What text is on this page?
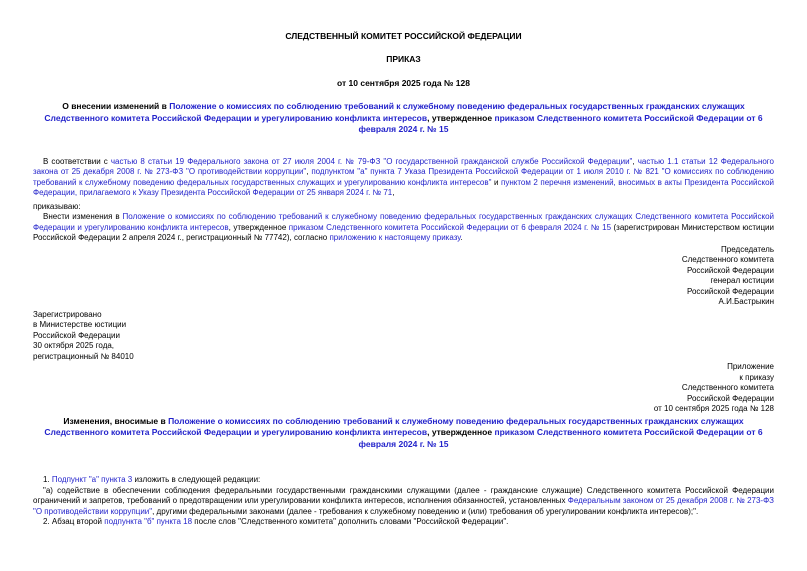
СЛЕДСТВЕННЫЙ КОМИТЕТ РОССИЙСКОЙ ФЕДЕРАЦИИ
ПРИКАЗ
от 10 сентября 2025 года № 128
О внесении изменений в Положение о комиссиях по соблюдению требований к служебному поведению федеральных государственных гражданских служащих Следственного комитета Российской Федерации и урегулированию конфликта интересов, утвержденное приказом Следственного комитета Российской Федерации от 6 февраля 2024 г. № 15

В соответствии с частью 8 статьи 19 Федерального закона от 27 июля 2004 г. № 79-ФЗ "О государственной гражданской службе Российской Федерации", частью 1.1 статьи 12 Федерального закона от 25 декабря 2008 г. № 273-ФЗ "О противодействии коррупции", подпунктом "а" пункта 7 Указа Президента Российской Федерации от 1 июля 2010 г. № 821 "О комиссиях по соблюдению требований к служебному поведению федеральных государственных служащих и урегулированию конфликта интересов" и пунктом 2 перечня изменений, вносимых в акты Президента Российской Федерации, прилагаемого к Указу Президента Российской Федерации от 25 января 2024 г. № 71,

приказываю:

Внести изменения в Положение о комиссиях по соблюдению требований к служебному поведению федеральных государственных гражданских служащих Следственного комитета Российской Федерации и урегулированию конфликта интересов, утвержденное приказом Следственного комитета Российской Федерации от 6 февраля 2024 г. № 15 (зарегистрирован Министерством юстиции Российской Федерации 2 апреля 2024 г., регистрационный № 77742), согласно приложению к настоящему приказу.

Председатель
Следственного комитета
Российской Федерации
генерал юстиции
Российской Федерации
А.И.Бастрыкин
Зарегистрировано
в Министерстве юстиции
Российской Федерации
30 октября 2025 года,
регистрационный № 84010
Приложение
к приказу
Следственного комитета
Российской Федерации
от 10 сентября 2025 года № 128
Изменения, вносимые в Положение о комиссиях по соблюдению требований к служебному поведению федеральных государственных гражданских служащих Следственного комитета Российской Федерации и урегулированию конфликта интересов, утвержденное приказом Следственного комитета Российской Федерации от 6 февраля 2024 г. № 15

1. Подпункт "а" пункта 3 изложить в следующей редакции:

"а) содействие в обеспечении соблюдения федеральными государственными гражданскими служащими (далее - гражданские служащие) Следственного комитета Российской Федерации ограничений и запретов, требований о предотвращении или урегулировании конфликта интересов, исполнения обязанностей, установленных Федеральным законом от 25 декабря 2008 г. № 273-ФЗ "О противодействии коррупции", другими федеральными законами (далее - требования к служебному поведению и (или) требования об урегулировании конфликта интересов);".

2. Абзац второй подпункта "б" пункта 18 после слов "Следственного комитета" дополнить словами "Российской Федерации".
